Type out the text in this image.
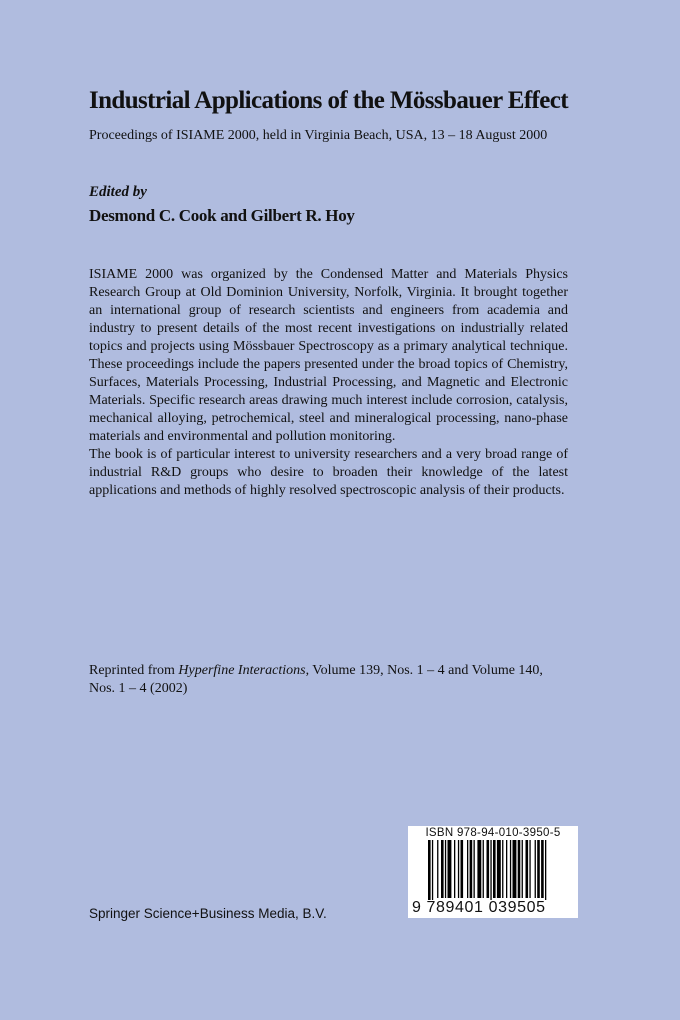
Industrial Applications of the Mössbauer Effect
Proceedings of ISIAME 2000, held in Virginia Beach, USA, 13 – 18 August 2000
Edited by
Desmond C. Cook and Gilbert R. Hoy

ISIAME 2000 was organized by the Condensed Matter and Materials Physics Research Group at Old Dominion University, Norfolk, Virginia. It brought together an international group of research scientists and engineers from academia and industry to present details of the most recent investigations on industrially related topics and projects using Mössbauer Spectroscopy as a primary analytical technique. These proceedings include the papers presented under the broad topics of Chemistry, Surfaces, Materials Processing, Industrial Processing, and Magnetic and Electronic Materials. Specific research areas drawing much interest include corrosion, catalysis, mechanical alloying, petrochemical, steel and mineralogical processing, nano-phase materials and environmental and pollution monitoring.

The book is of particular interest to university researchers and a very broad range of industrial R&D groups who desire to broaden their knowledge of the latest applications and methods of highly resolved spectroscopic analysis of their products.

Reprinted from Hyperfine Interactions, Volume 139, Nos. 1 – 4 and Volume 140, Nos. 1 – 4 (2002)
ISBN 978-94-010-3950-5
9 789401 039505
Springer Science+Business Media, B.V.
